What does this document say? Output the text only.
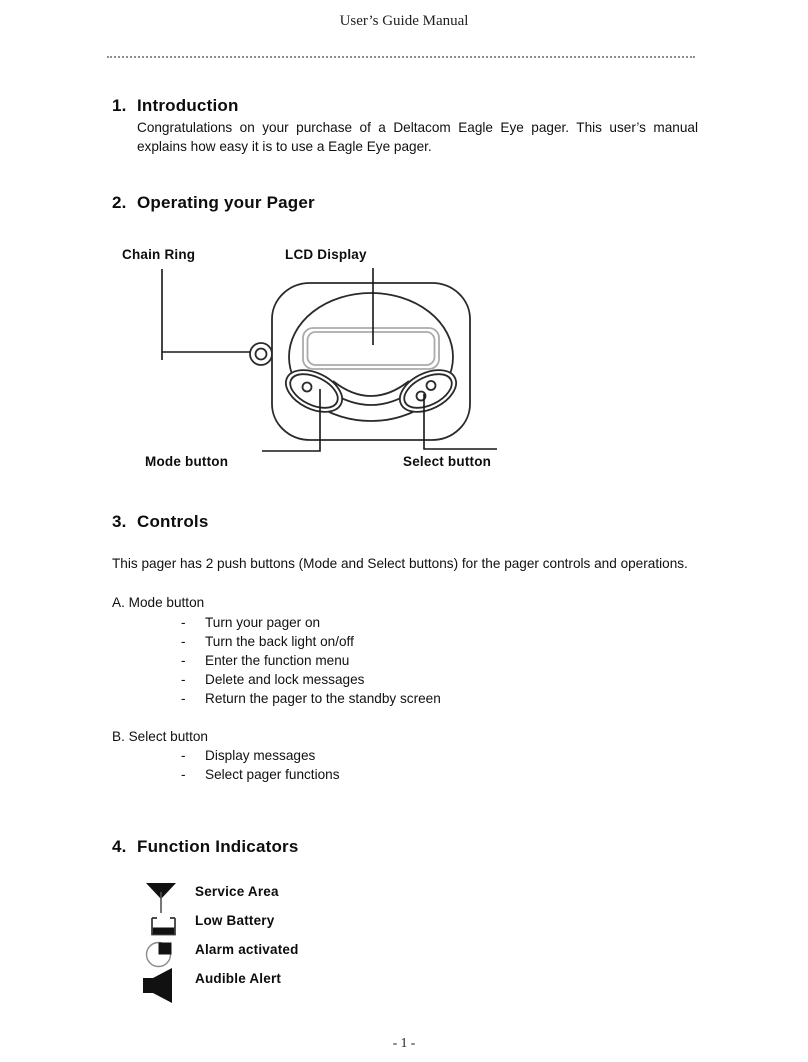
User’s Guide Manual
1. Introduction
Congratulations on your purchase of a Deltacom Eagle Eye pager. This user’s manual
explains how easy it is to use a Eagle Eye pager.
2. Operating your Pager
Chain Ring	LCD Display
Mode button	Select button
3. Controls
This pager has 2 push buttons (Mode and Select buttons) for the pager controls and operations.
A. Mode button
- Turn your pager on
- Turn the back light on/off
- Enter the function menu
- Delete and lock messages
- Return the pager to the standby screen
B. Select button
- Display messages
- Select pager functions
4. Function Indicators
Service Area
Low Battery
Alarm activated
Audible Alert
- 1 -
